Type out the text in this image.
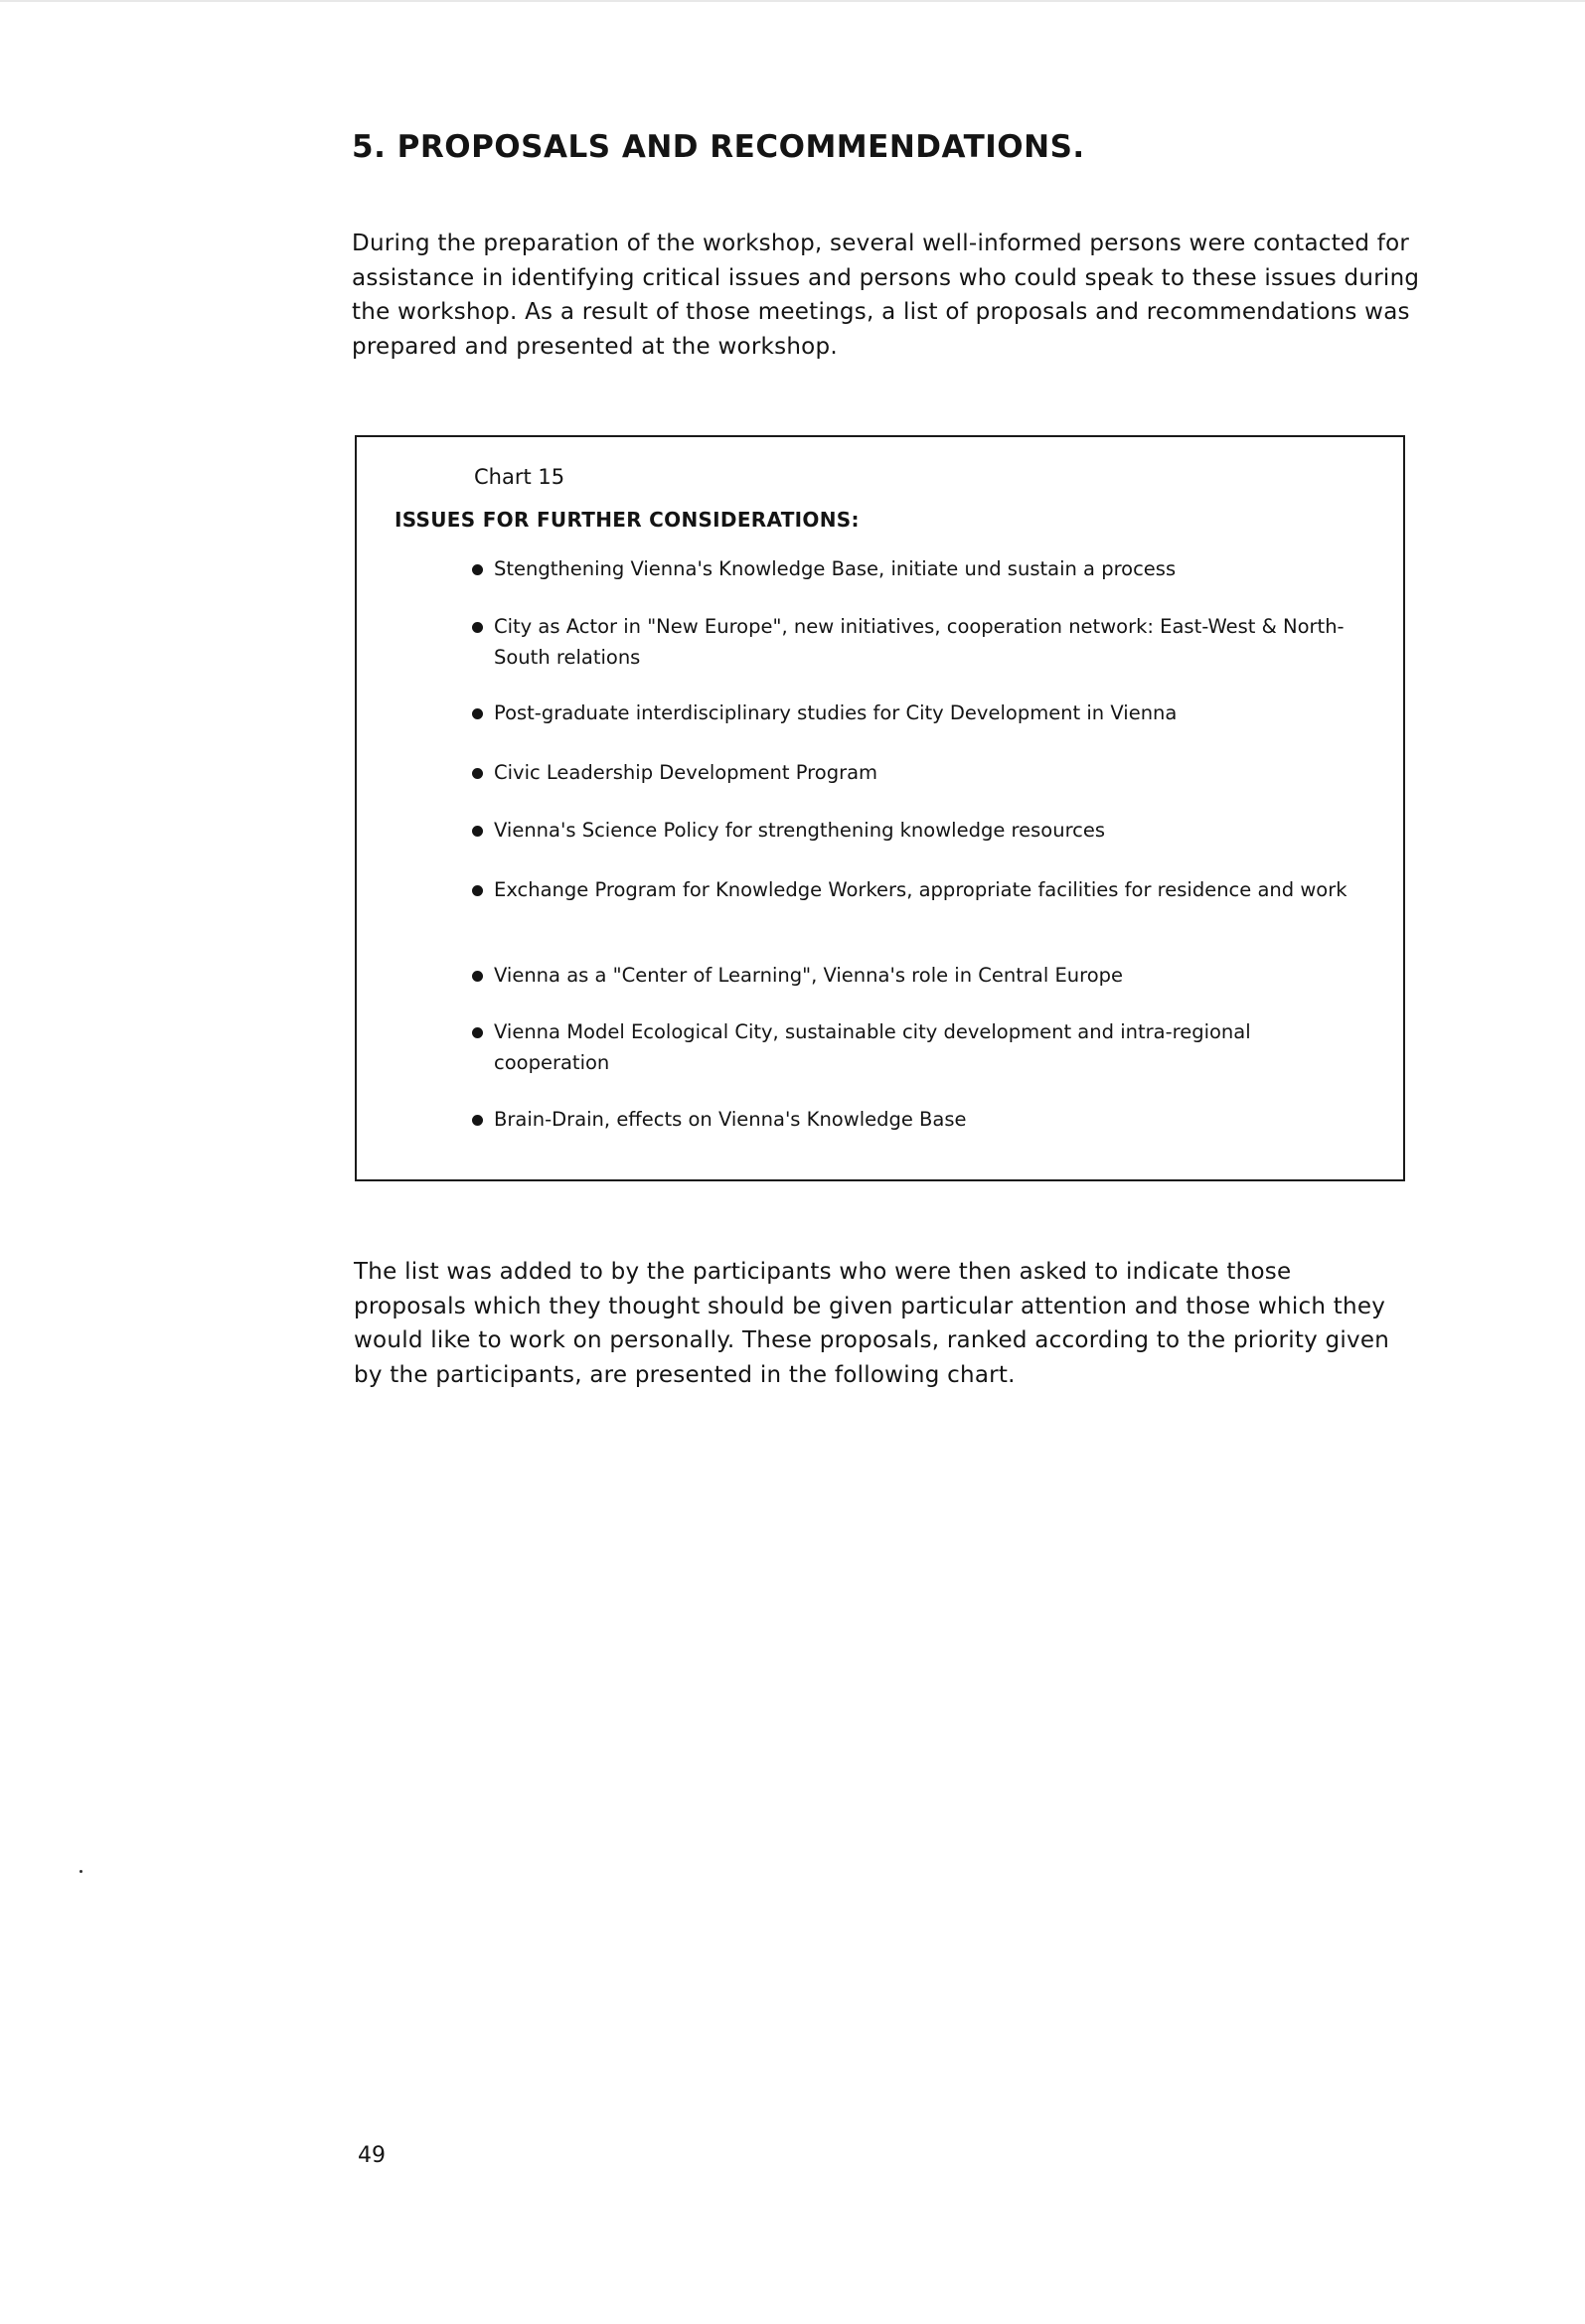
5. PROPOSALS AND RECOMMENDATIONS.

During the preparation of the workshop, several well-informed persons were contacted for assistance in identifying critical issues and persons who could speak to these issues during the workshop. As a result of those meetings, a list of proposals and recommendations was prepared and presented at the workshop.

Chart 15
ISSUES FOR FURTHER CONSIDERATIONS:
Stengthening Vienna's Knowledge Base, initiate und sustain a process
City as Actor in "New Europe", new initiatives, cooperation network: East-West & North-South relations
Post-graduate interdisciplinary studies for City Development in Vienna
Civic Leadership Development Program
Vienna's Science Policy for strengthening knowledge resources
Exchange Program for Knowledge Workers, appropriate facilities for residence and work
Vienna as a "Center of Learning", Vienna's role in Central Europe
Vienna Model Ecological City, sustainable city development and intra-regional cooperation
Brain-Drain, effects on Vienna's Knowledge Base

The list was added to by the participants who were then asked to indicate those proposals which they thought should be given particular attention and those which they would like to work on personally. These proposals, ranked according to the priority given by the participants, are presented in the following chart.

49
